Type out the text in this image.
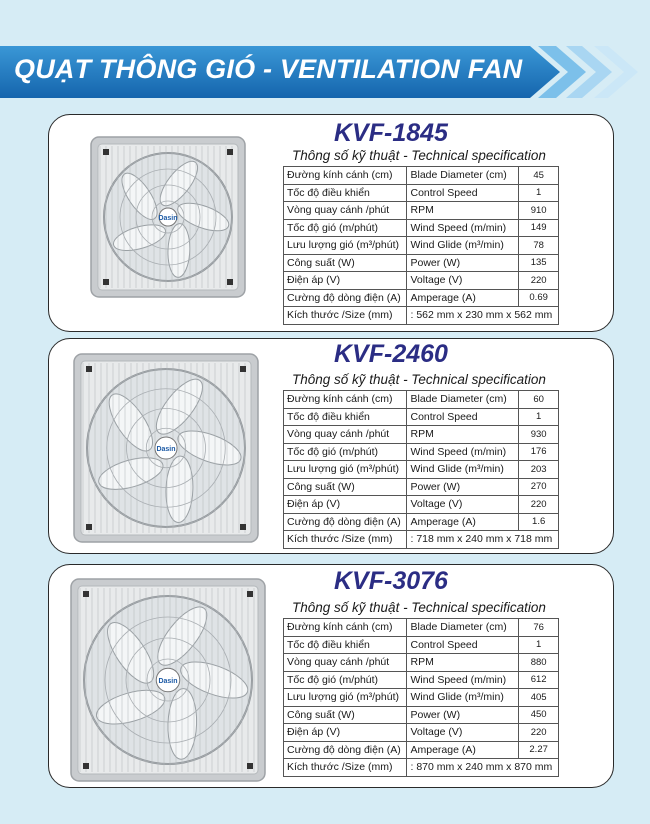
QUẠT THÔNG GIÓ - VENTILATION FAN
KVF-1845
Thông số kỹ thuật - Technical specification
Đường kính cánh (cm)	Blade Diameter (cm)	45
Tốc độ điều khiển	Control Speed	1
Vòng quay cánh /phút	RPM	910
Tốc độ gió (m/phút)	Wind Speed (m/min)	149
Lưu lượng gió (m³/phút)	Wind Glide (m³/min)	78
Công suất (W)	Power (W)	135
Điện áp (V)	Voltage (V)	220
Cường độ dòng điện (A)	Amperage (A)	0.69
Kích thước /Size (mm)	: 562 mm x 230 mm x 562 mm	
Dasin
KVF-2460
Thông số kỹ thuật - Technical specification
Đường kính cánh (cm)	Blade Diameter (cm)	60
Tốc độ điều khiển	Control Speed	1
Vòng quay cánh /phút	RPM	930
Tốc độ gió (m/phút)	Wind Speed (m/min)	176
Lưu lượng gió (m³/phút)	Wind Glide (m³/min)	203
Công suất (W)	Power (W)	270
Điện áp (V)	Voltage (V)	220
Cường độ dòng điện (A)	Amperage (A)	1.6
Kích thước /Size (mm)	: 718 mm x 240 mm x 718 mm	
Dasin
KVF-3076
Thông số kỹ thuật - Technical specification
Đường kính cánh (cm)	Blade Diameter (cm)	76
Tốc độ điều khiển	Control Speed	1
Vòng quay cánh /phút	RPM	880
Tốc độ gió (m/phút)	Wind Speed (m/min)	612
Lưu lượng gió (m³/phút)	Wind Glide (m³/min)	405
Công suất (W)	Power (W)	450
Điện áp (V)	Voltage (V)	220
Cường độ dòng điện (A)	Amperage (A)	2.27
Kích thước /Size (mm)	: 870 mm x 240 mm x 870 mm	
Dasin
